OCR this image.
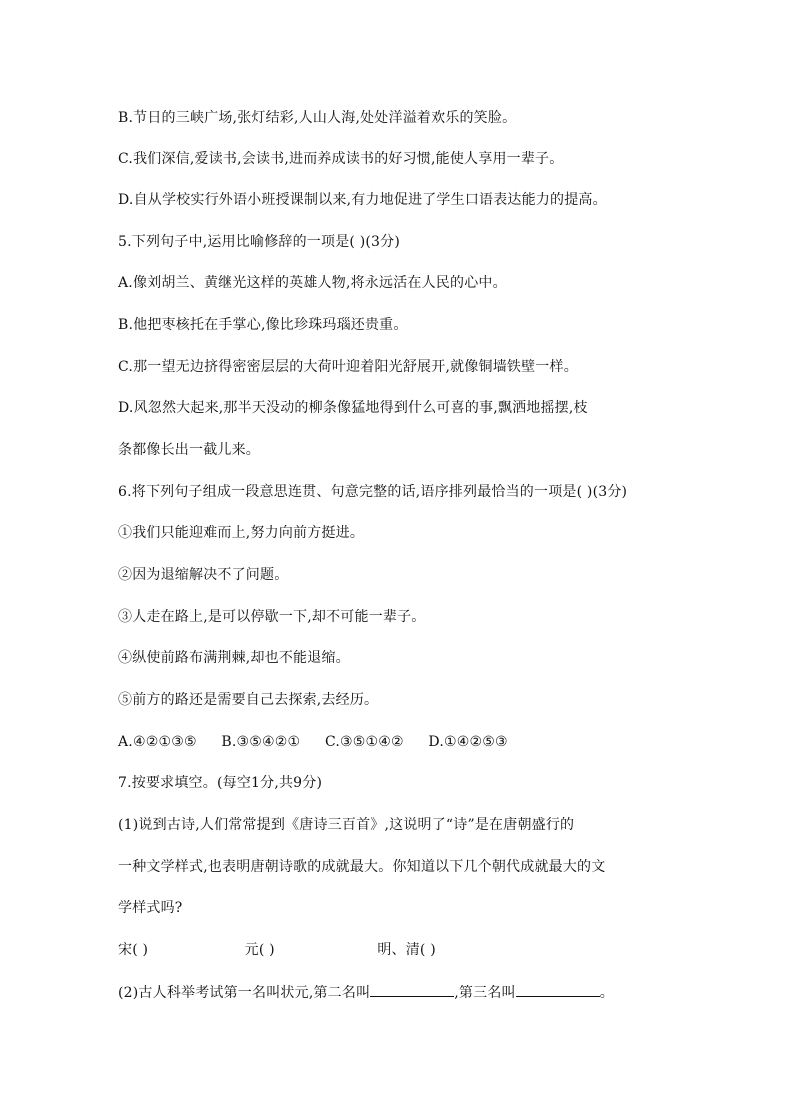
B.节日的三峡广场,张灯结彩,人山人海,处处洋溢着欢乐的笑脸。
C.我们深信,爱读书,会读书,进而养成读书的好习惯,能使人享用一辈子。
D.自从学校实行外语小班授课制以来,有力地促进了学生口语表达能力的提高。
5.下列句子中,运用比喻修辞的一项是( )(3分)
A.像刘胡兰、黄继光这样的英雄人物,将永远活在人民的心中。
B.他把枣核托在手掌心,像比珍珠玛瑙还贵重。
C.那一望无边挤得密密层层的大荷叶迎着阳光舒展开,就像铜墙铁壁一样。
D.风忽然大起来,那半天没动的柳条像猛地得到什么可喜的事,飘洒地摇摆,枝
条都像长出一截儿来。
6.将下列句子组成一段意思连贯、句意完整的话,语序排列最恰当的一项是( )(3分)
①我们只能迎难而上,努力向前方挺进。
②因为退缩解决不了问题。
③人走在路上,是可以停歇一下,却不可能一辈子。
④纵使前路布满荆棘,却也不能退缩。
⑤前方的路还是需要自己去探索,去经历。
A.④②①③⑤ B.③⑤④②① C.③⑤①④② D.①④②⑤③
7.按要求填空。(每空1分,共9分)
(1)说到古诗,人们常常提到《唐诗三百首》,这说明了“诗”是在唐朝盛行的
一种文学样式,也表明唐朝诗歌的成就最大。你知道以下几个朝代成就最大的文
学样式吗?
宋( )	元( )	明、清( )
(2)古人科举考试第一名叫状元,第二名叫	,第三名叫	。
